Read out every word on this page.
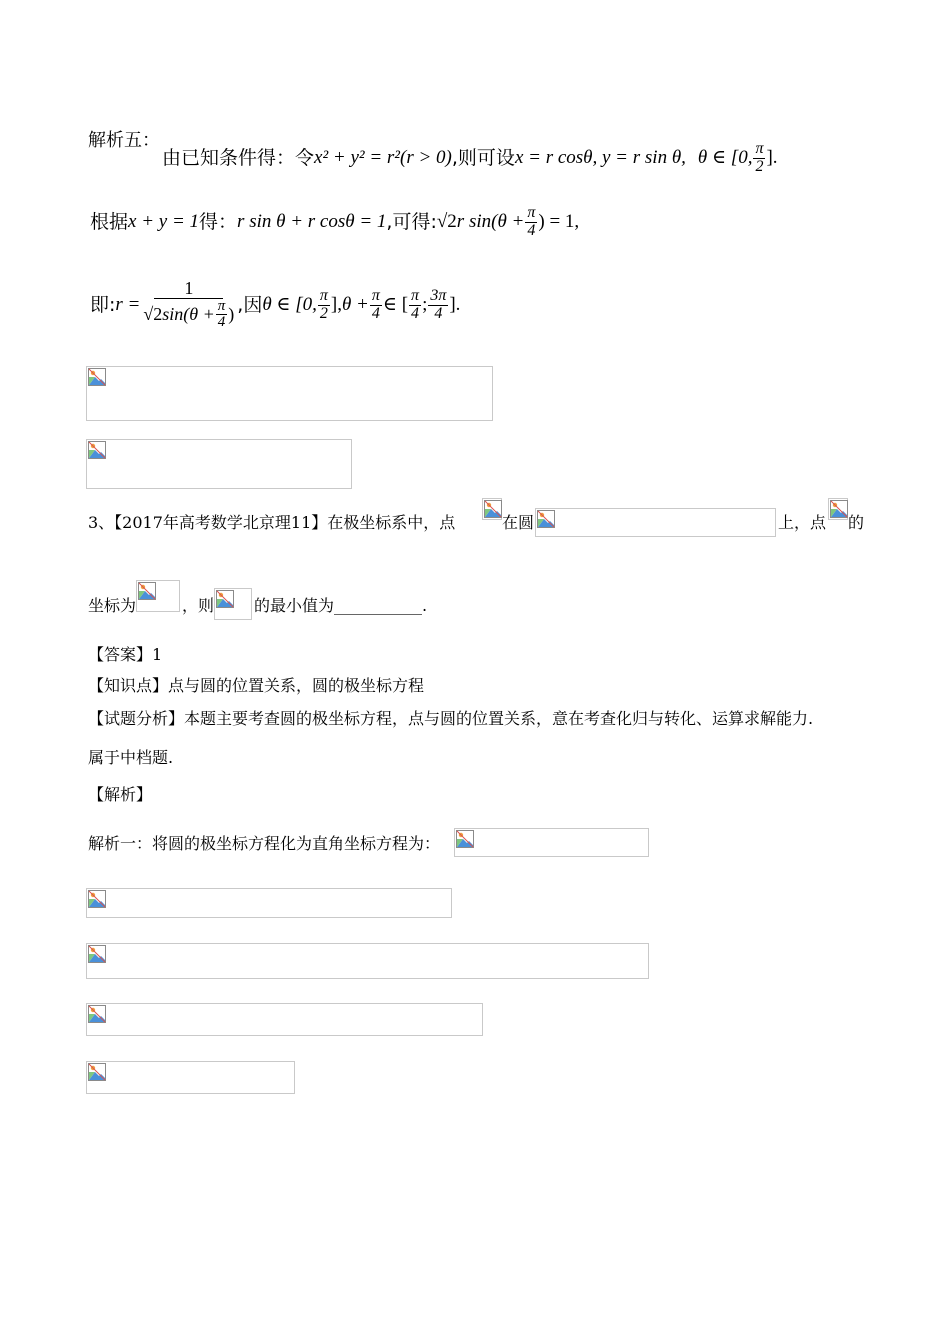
解析五：
由已知条件得：令 x² + y² = r²(r > 0) ,则可设 x = r cosθ, y = r sin θ, θ ∈ [0, $\frac{\pi}{2}$ ].
根据 x + y = 1 得： r sin θ + r cosθ = 1 ,可得: √2 r $\sin(\theta + \frac{\pi}{4}$ ) = 1,
即: $r = \frac{1}{√2 \sin(\theta + \frac{\pi}{4} )}$ ,因 θ ∈ [0, $\frac{\pi}{2}$ ], $\theta + \frac{\pi}{4}$ ∈ [ $\frac{\pi}{4}$ ; $\frac{3\pi}{4}$ ].
3、【2017年高考数学北京理11】在极坐标系中，点	在圆	上，点 的
坐标为	，则 的最小值为 ___________.
【答案】1
【知识点】点与圆的位置关系，圆的极坐标方程
【试题分析】本题主要考查圆的极坐标方程，点与圆的位置关系，意在考查化归与转化、运算求解能力.
属于中档题.
【解析】
解析一：将圆的极坐标方程化为直角坐标方程为：
